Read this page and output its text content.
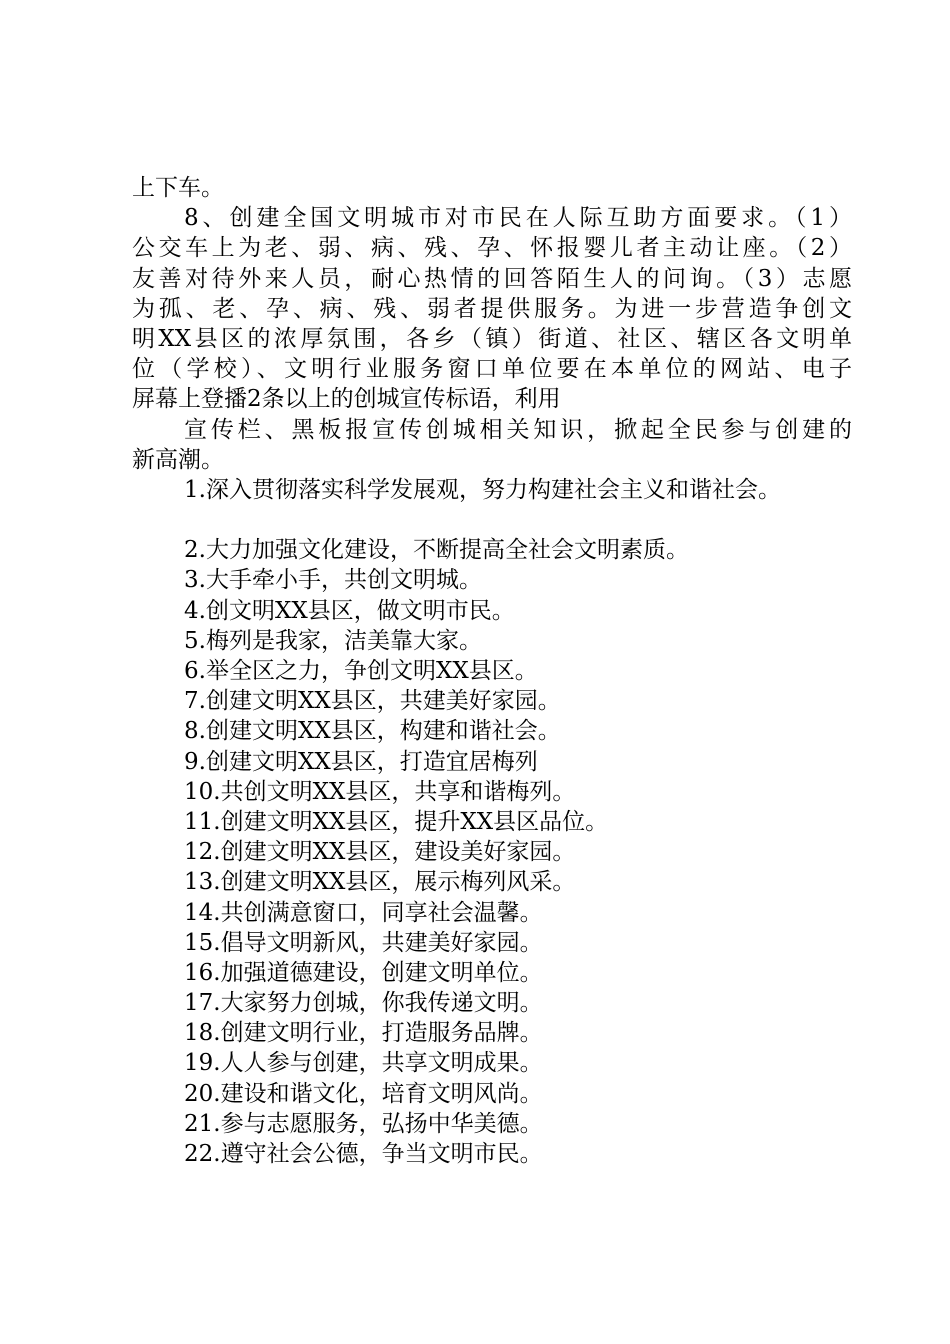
上下车。

8、创建全国文明城市对市民在人际互助方面要求。（1）

公交车上为老、弱、病、残、孕、怀报婴儿者主动让座。（2）

友善对待外来人员，耐心热情的回答陌生人的问询。（3）志愿

为孤、老、孕、病、残、弱者提供服务。为进一步营造争创文

明XX县区的浓厚氛围，各乡（镇）街道、社区、辖区各文明单

位（学校）、文明行业服务窗口单位要在本单位的网站、电子

屏幕上登播2条以上的创城宣传标语，利用

宣传栏、黑板报宣传创城相关知识，掀起全民参与创建的

新高潮。

1.深入贯彻落实科学发展观，努力构建社会主义和谐社会。

2.大力加强文化建设，不断提高全社会文明素质。

3.大手牵小手，共创文明城。

4.创文明XX县区，做文明市民。

5.梅列是我家，洁美靠大家。

6.举全区之力，争创文明XX县区。

7.创建文明XX县区，共建美好家园。

8.创建文明XX县区，构建和谐社会。

9.创建文明XX县区，打造宜居梅列

10.共创文明XX县区，共享和谐梅列。

11.创建文明XX县区，提升XX县区品位。

12.创建文明XX县区，建设美好家园。

13.创建文明XX县区，展示梅列风采。

14.共创满意窗口，同享社会温馨。

15.倡导文明新风，共建美好家园。

16.加强道德建设，创建文明单位。

17.大家努力创城，你我传递文明。

18.创建文明行业，打造服务品牌。

19.人人参与创建，共享文明成果。

20.建设和谐文化，培育文明风尚。

21.参与志愿服务，弘扬中华美德。

22.遵守社会公德，争当文明市民。
